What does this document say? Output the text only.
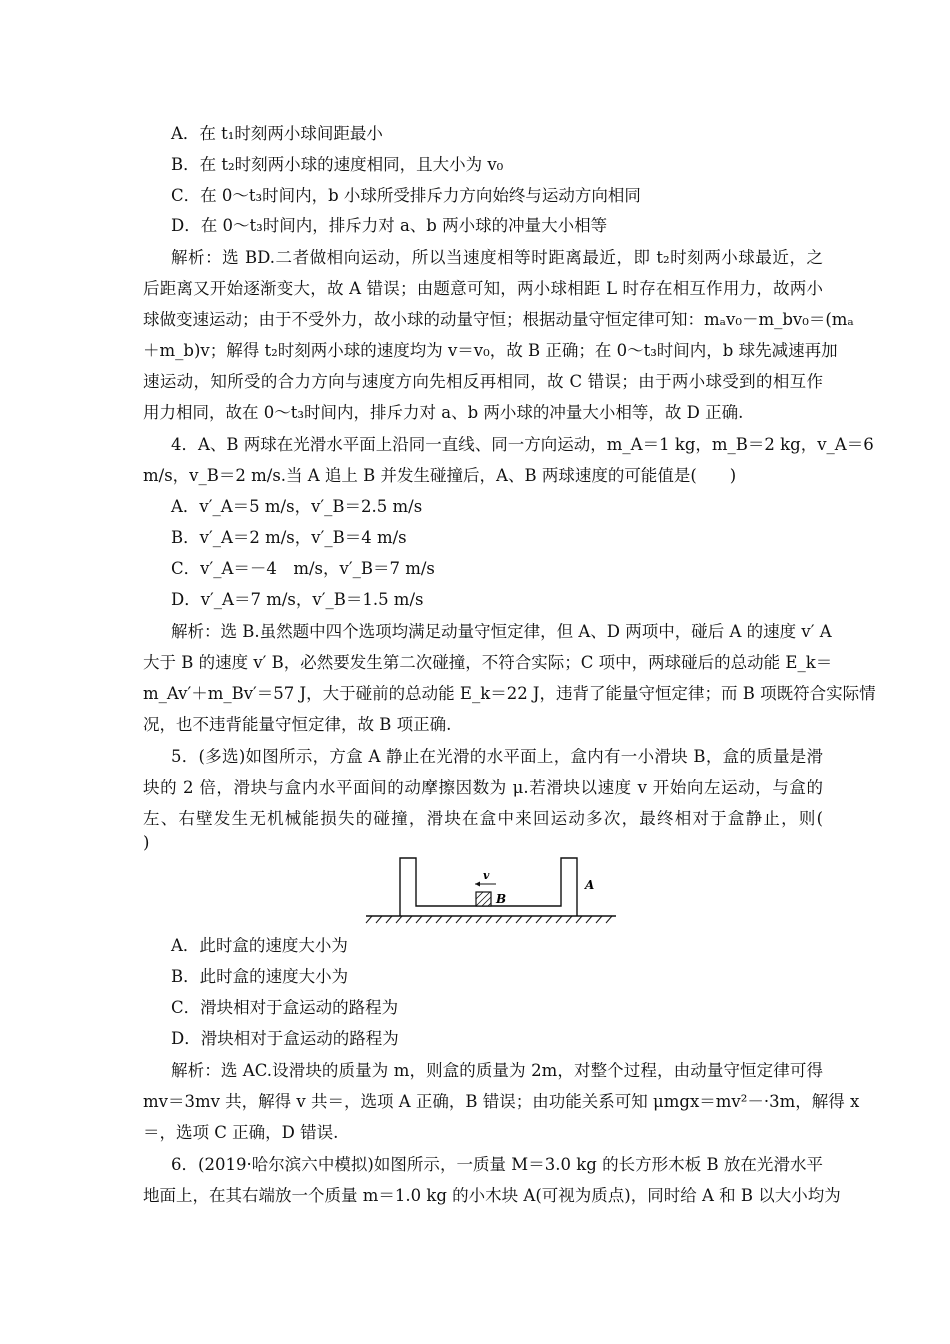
A．在 t₁时刻两小球间距最小
B．在 t₂时刻两小球的速度相同，且大小为 v₀
C．在 0～t₃时间内，b 小球所受排斥力方向始终与运动方向相同
D．在 0～t₃时间内，排斥力对 a、b 两小球的冲量大小相等
解析：选 BD.二者做相向运动，所以当速度相等时距离最近，即 t₂时刻两小球最近，之
后距离又开始逐渐变大，故 A 错误；由题意可知，两小球相距 L 时存在相互作用力，故两小
球做变速运动；由于不受外力，故小球的动量守恒；根据动量守恒定律可知：mₐv₀－m_bv₀＝(mₐ
＋m_b)v；解得 t₂时刻两小球的速度均为 v＝v₀，故 B 正确；在 0～t₃时间内，b 球先减速再加
速运动，知所受的合力方向与速度方向先相反再相同，故 C 错误；由于两小球受到的相互作
用力相同，故在 0～t₃时间内，排斥力对 a、b 两小球的冲量大小相等，故 D 正确.
4．A、B 两球在光滑水平面上沿同一直线、同一方向运动，m_A＝1 kg，m_B＝2 kg，v_A＝6
m/s，v_B＝2 m/s.当 A 追上 B 并发生碰撞后，A、B 两球速度的可能值是(　　)
A．v′_A＝5 m/s，v′_B＝2.5 m/s
B．v′_A＝2 m/s，v′_B＝4 m/s
C．v′_A＝－4　m/s，v′_B＝7 m/s
D．v′_A＝7 m/s，v′_B＝1.5 m/s
解析：选 B.虽然题中四个选项均满足动量守恒定律，但 A、D 两项中，碰后 A 的速度 v′ A
大于 B 的速度 v′ B，必然要发生第二次碰撞，不符合实际；C 项中，两球碰后的总动能 E_k＝
m_Av′＋m_Bv′＝57 J，大于碰前的总动能 E_k＝22 J，违背了能量守恒定律；而 B 项既符合实际情
况，也不违背能量守恒定律，故 B 项正确.
5．(多选)如图所示，方盒 A 静止在光滑的水平面上，盒内有一小滑块 B，盒的质量是滑
块的 2 倍，滑块与盒内水平面间的动摩擦因数为 μ.若滑块以速度 v 开始向左运动，与盒的
左、右壁发生无机械能损失的碰撞，滑块在盒中来回运动多次，最终相对于盒静止，则(
)
v
B
A
A．此时盒的速度大小为
B．此时盒的速度大小为
C．滑块相对于盒运动的路程为
D．滑块相对于盒运动的路程为
解析：选 AC.设滑块的质量为 m，则盒的质量为 2m，对整个过程，由动量守恒定律可得
mv＝3mv 共，解得 v 共＝，选项 A 正确，B 错误；由功能关系可知 μmgx＝mv²－·3m，解得 x
＝，选项 C 正确，D 错误.
6．(2019·哈尔滨六中模拟)如图所示，一质量 M＝3.0 kg 的长方形木板 B 放在光滑水平
地面上，在其右端放一个质量 m＝1.0 kg 的小木块 A(可视为质点)，同时给 A 和 B 以大小均为
